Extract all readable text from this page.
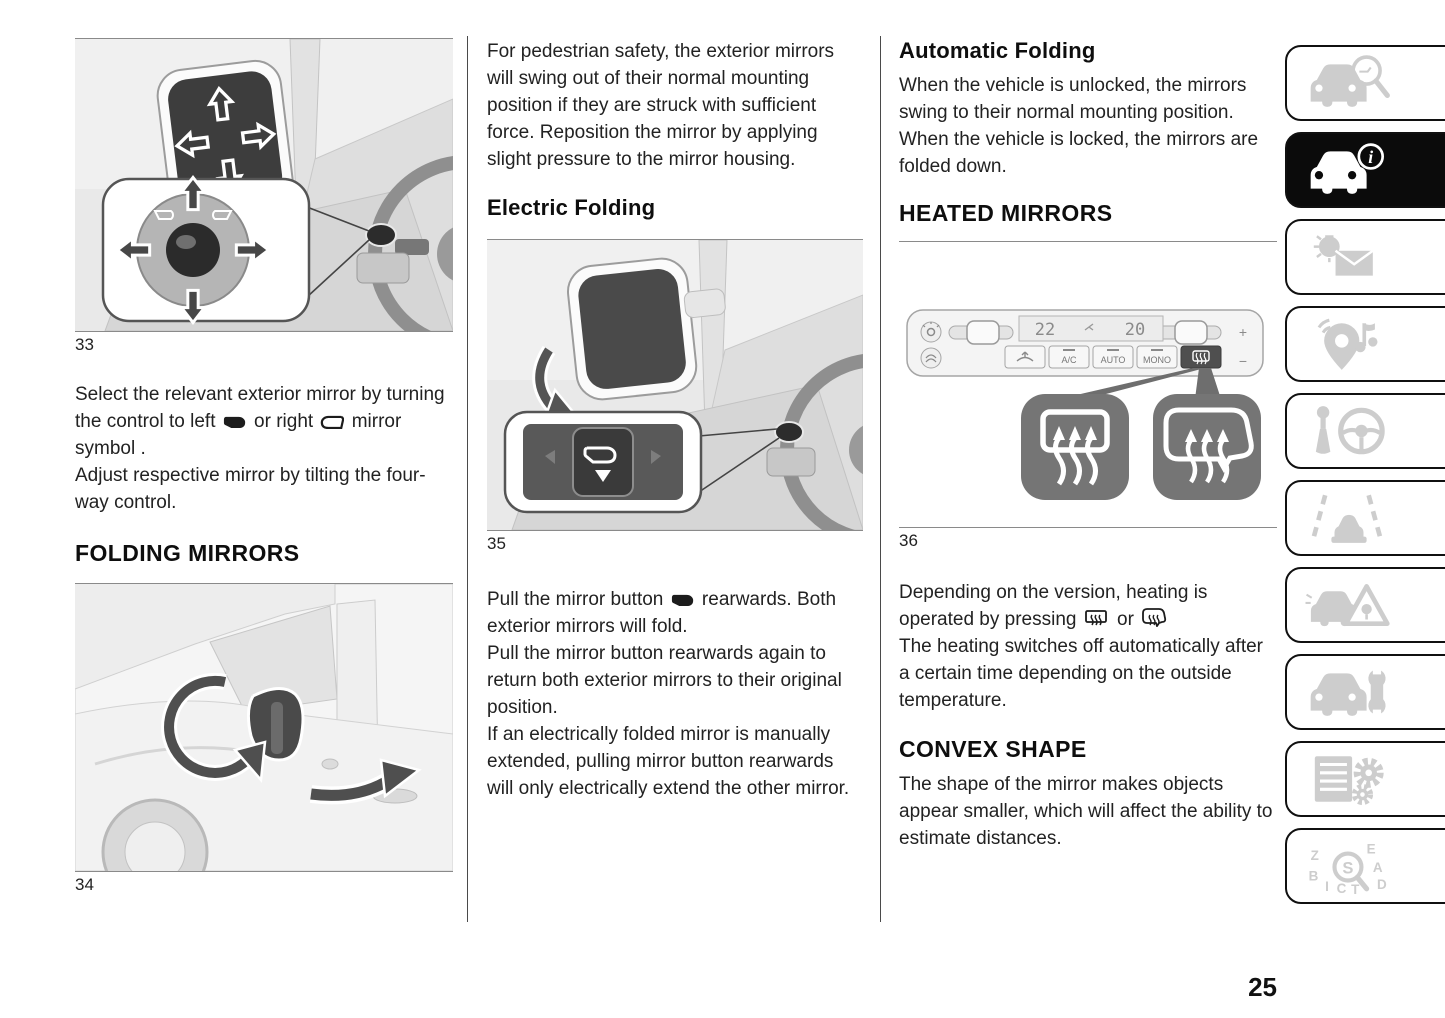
33
Select the relevant exterior mirror by turning the control to left or right mirror symbol .
Adjust respective mirror by tilting the four-way control.
FOLDING MIRRORS
34
For pedestrian safety, the exterior mirrors will swing out of their normal mounting position if they are struck with sufficient force. Reposition the mirror by applying slight pressure to the mirror housing.
Electric Folding
35
Pull the mirror button rearwards. Both exterior mirrors will fold.
Pull the mirror button rearwards again to return both exterior mirrors to their original position.
If an electrically folded mirror is manually extended, pulling mirror button rearwards will only electrically extend the other mirror.
Automatic Folding
When the vehicle is unlocked, the mirrors swing to their normal mounting position. When the vehicle is locked, the mirrors are folded down.
HEATED MIRRORS
22	20
A/C	AUTO MONO
+
−
36
Depending on the version, heating is operated by pressing or
The heating switches off automatically after a certain time depending on the outside temperature.
CONVEX SHAPE
The shape of the mirror makes objects appear smaller, which will affect the ability to estimate distances.
i
Z	E
B
A
I C T D
S
25
